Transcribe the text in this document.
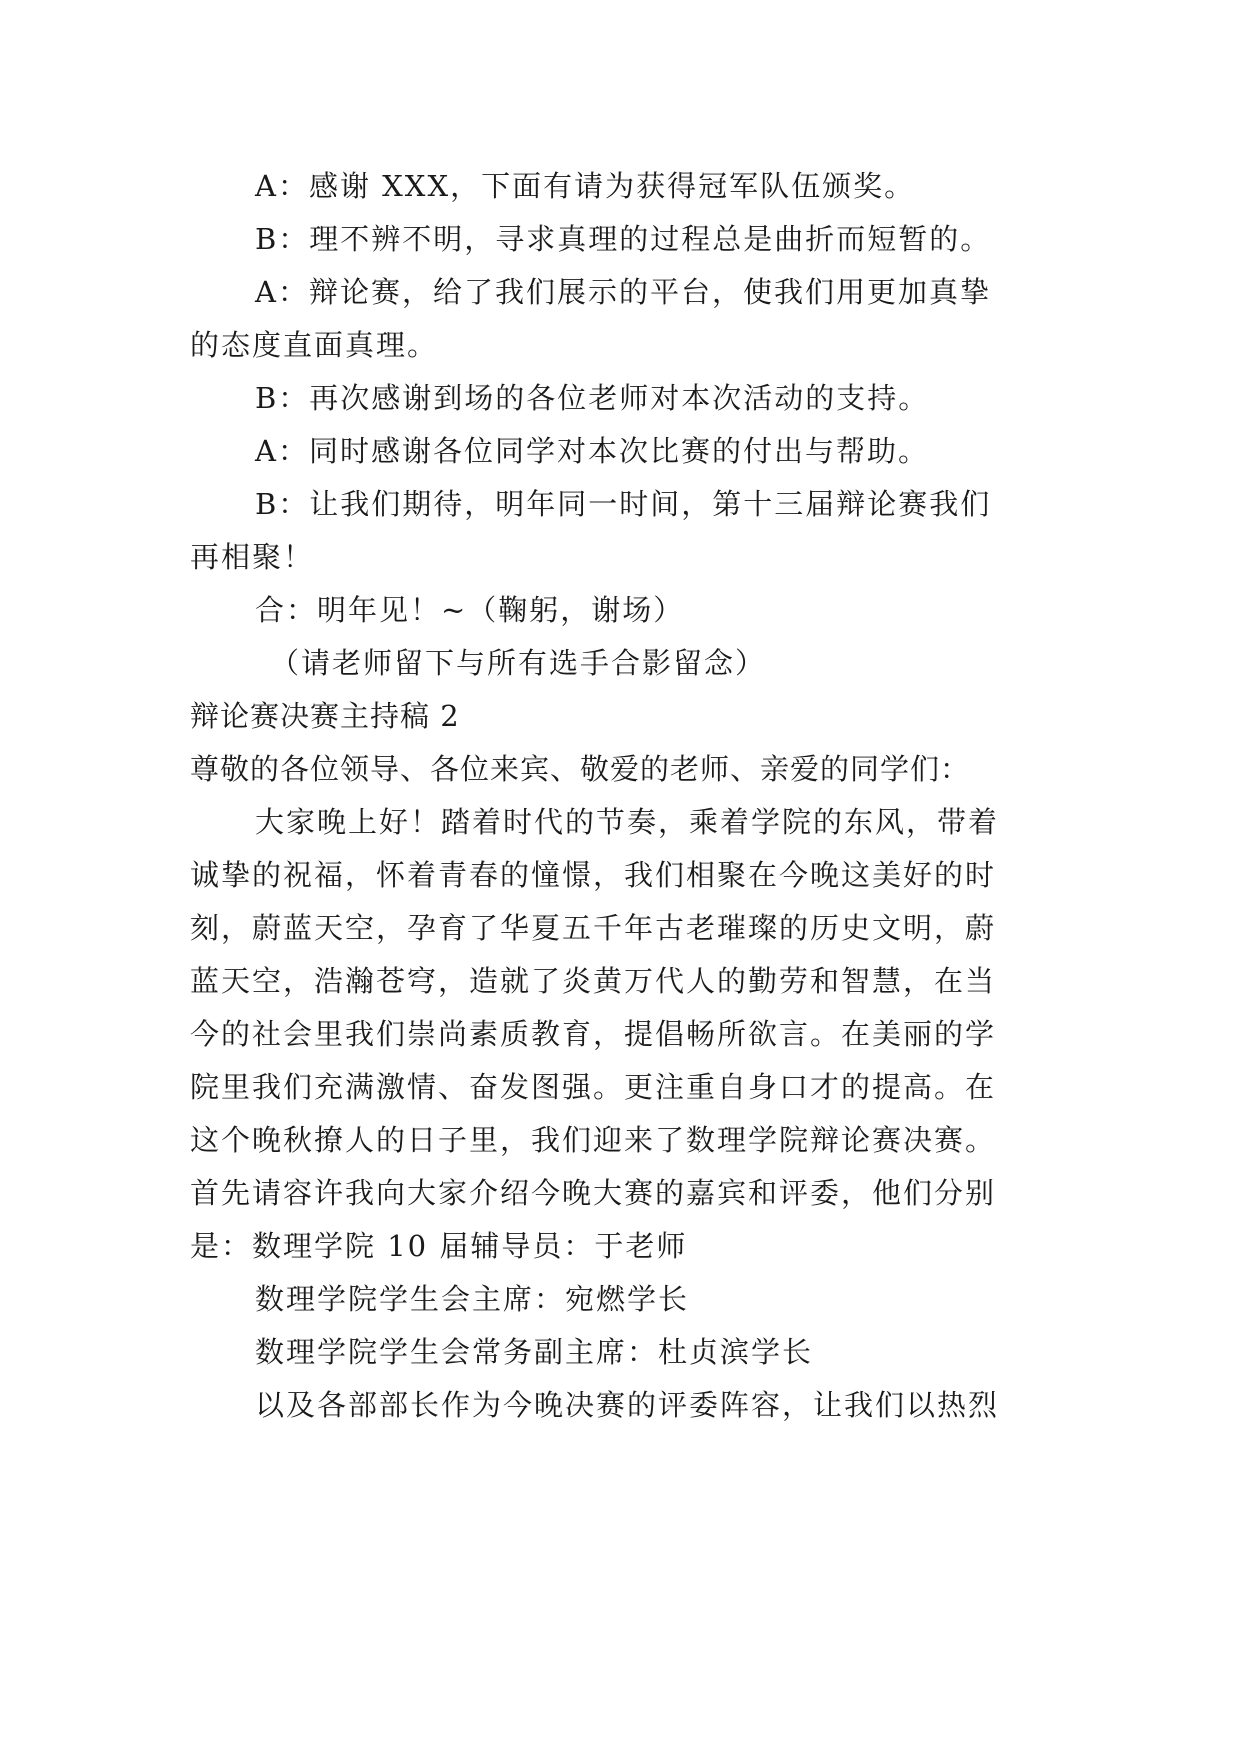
A：感谢 XXX，下面有请为获得冠军队伍颁奖。
B：理不辨不明，寻求真理的过程总是曲折而短暂的。
A：辩论赛，给了我们展示的平台，使我们用更加真挚
的态度直面真理。
B：再次感谢到场的各位老师对本次活动的支持。
A：同时感谢各位同学对本次比赛的付出与帮助。
B：让我们期待，明年同一时间，第十三届辩论赛我们
再相聚！
合：明年见！~（鞠躬，谢场）
（请老师留下与所有选手合影留念）
辩论赛决赛主持稿 2
尊敬的各位领导、各位来宾、敬爱的老师、亲爱的同学们：
大家晚上好！踏着时代的节奏，乘着学院的东风，带着
诚挚的祝福，怀着青春的憧憬，我们相聚在今晚这美好的时
刻，蔚蓝天空，孕育了华夏五千年古老璀璨的历史文明，蔚
蓝天空，浩瀚苍穹，造就了炎黄万代人的勤劳和智慧，在当
今的社会里我们崇尚素质教育，提倡畅所欲言。在美丽的学
院里我们充满激情、奋发图强。更注重自身口才的提高。在
这个晚秋撩人的日子里，我们迎来了数理学院辩论赛决赛。
首先请容许我向大家介绍今晚大赛的嘉宾和评委，他们分别
是：数理学院 10 届辅导员：于老师
数理学院学生会主席：宛燃学长
数理学院学生会常务副主席：杜贞滨学长
以及各部部长作为今晚决赛的评委阵容，让我们以热烈
